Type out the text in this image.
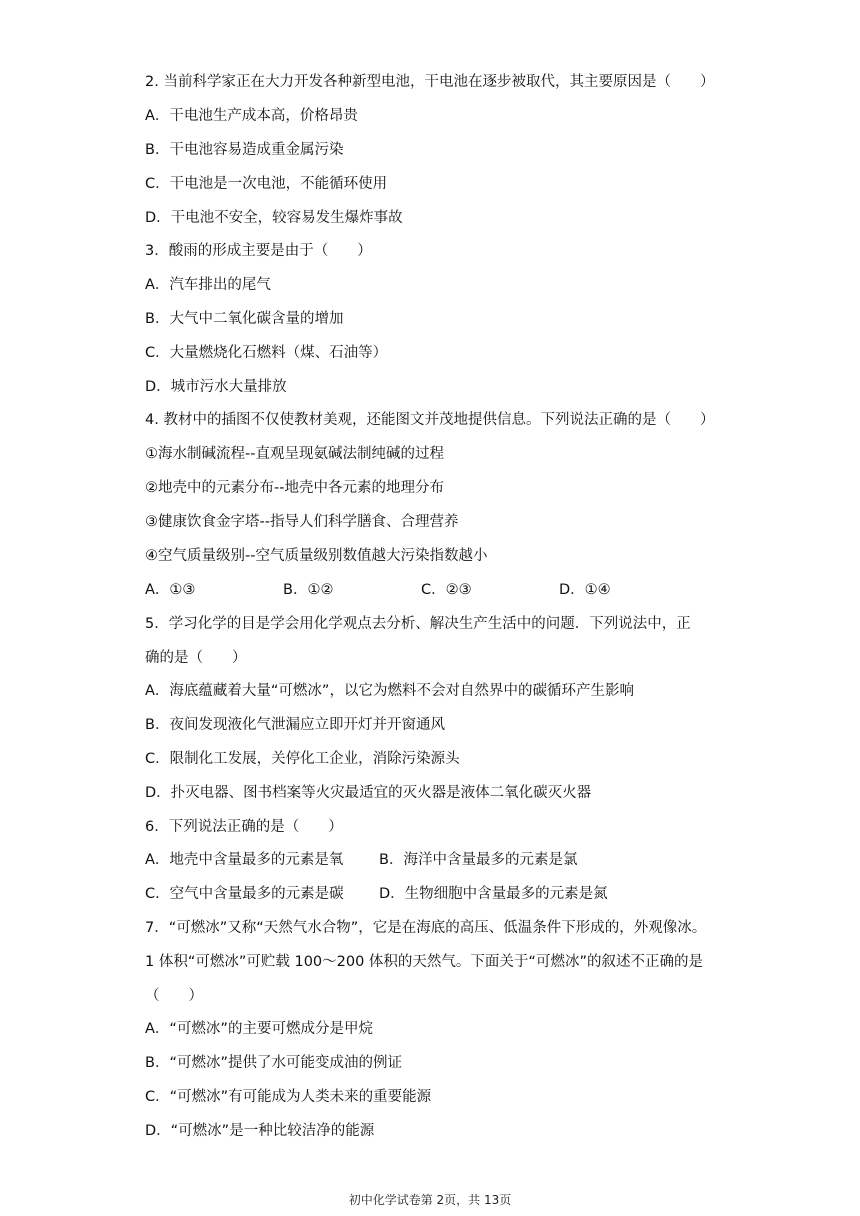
2. 当前科学家正在大力开发各种新型电池，干电池在逐步被取代，其主要原因是（　　）
A．干电池生产成本高，价格昂贵
B．干电池容易造成重金属污染
C．干电池是一次电池，不能循环使用
D．干电池不安全，较容易发生爆炸事故
3．酸雨的形成主要是由于（　　）
A．汽车排出的尾气
B．大气中二氧化碳含量的增加
C．大量燃烧化石燃料（煤、石油等）
D．城市污水大量排放
4. 教材中的插图不仅使教材美观，还能图文并茂地提供信息。下列说法正确的是（　　）
①海水制碱流程--直观呈现氨碱法制纯碱的过程
②地壳中的元素分布--地壳中各元素的地理分布
③健康饮食金字塔--指导人们科学膳食、合理营养
④空气质量级别--空气质量级别数值越大污染指数越小
A．①③	B．①②	C．②③	D．①④
5．学习化学的目是学会用化学观点去分析、解决生产生活中的问题．下列说法中，正
确的是（　　）
A．海底蕴藏着大量“可燃冰”，以它为燃料不会对自然界中的碳循环产生影响
B．夜间发现液化气泄漏应立即开灯并开窗通风
C．限制化工发展，关停化工企业，消除污染源头
D．扑灭电器、图书档案等火灾最适宜的灭火器是液体二氧化碳灭火器
6．下列说法正确的是（　　）
A．地壳中含量最多的元素是氧	B．海洋中含量最多的元素是氯
C．空气中含量最多的元素是碳	D．生物细胞中含量最多的元素是氮
7．“可燃冰”又称“天然气水合物”，它是在海底的高压、低温条件下形成的，外观像冰。
1 体积“可燃冰”可贮载 100～200 体积的天然气。下面关于“可燃冰”的叙述不正确的是
（　　）
A．“可燃冰”的主要可燃成分是甲烷
B．“可燃冰”提供了水可能变成油的例证
C．“可燃冰”有可能成为人类未来的重要能源
D．“可燃冰”是一种比较洁净的能源
初中化学试卷第 2页，共 13页
